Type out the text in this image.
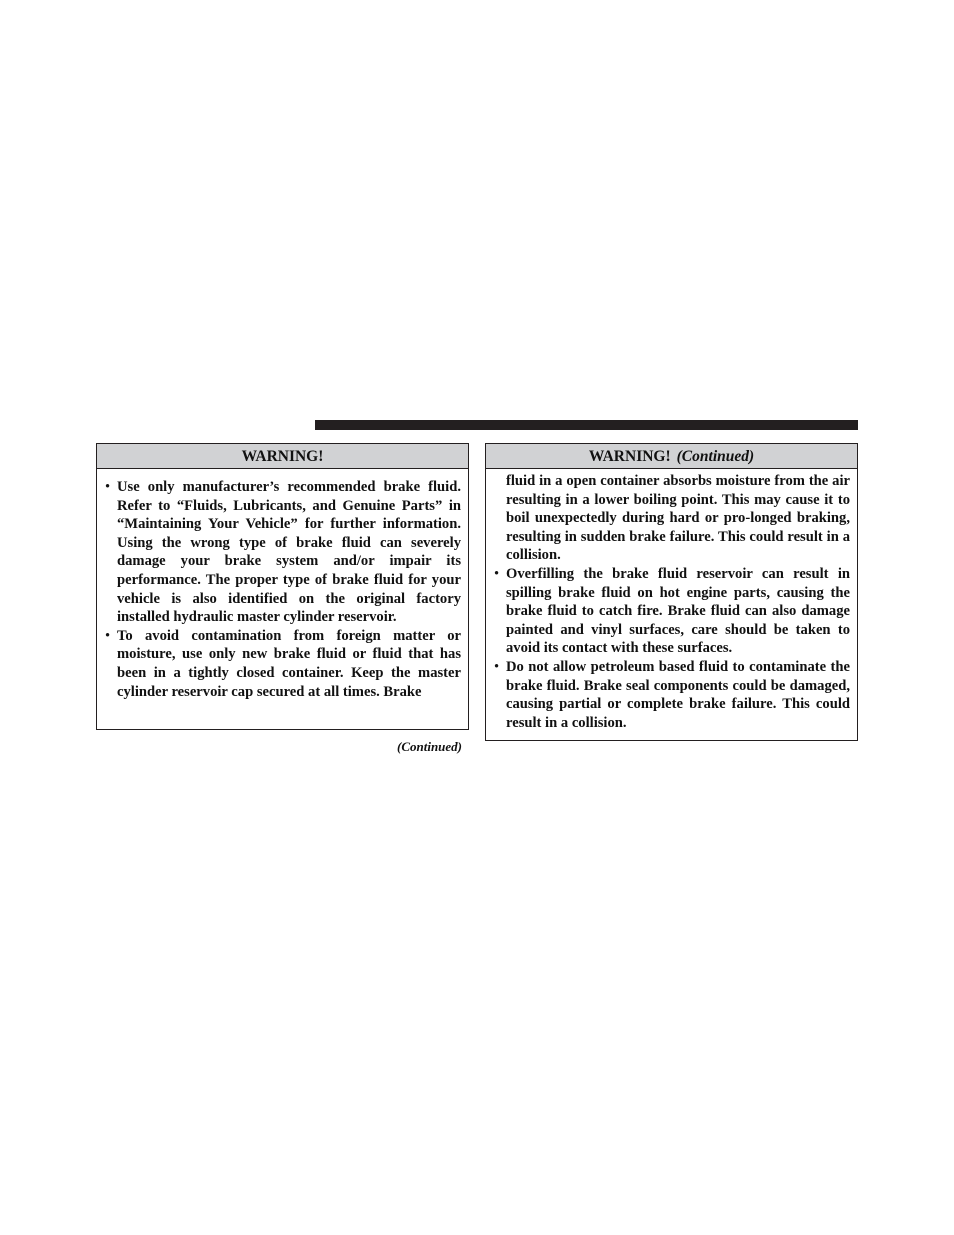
WARNING!
• Use only manufacturer’s recommended brake fluid. Refer to “Fluids, Lubricants, and Genuine Parts” in “Maintaining Your Vehicle” for further information. Using the wrong type of brake fluid can severely damage your brake system and/or impair its performance. The proper type of brake fluid for your vehicle is also identified on the original factory installed hydraulic master cylinder reservoir.
• To avoid contamination from foreign matter or moisture, use only new brake fluid or fluid that has been in a tightly closed container. Keep the master cylinder reservoir cap secured at all times. Brake
(Continued)
WARNING! (Continued)
fluid in a open container absorbs moisture from the air resulting in a lower boiling point. This may cause it to boil unexpectedly during hard or pro-longed braking, resulting in sudden brake failure. This could result in a collision.
• Overfilling the brake fluid reservoir can result in spilling brake fluid on hot engine parts, causing the brake fluid to catch fire. Brake fluid can also damage painted and vinyl surfaces, care should be taken to avoid its contact with these surfaces.
• Do not allow petroleum based fluid to contaminate the brake fluid. Brake seal components could be damaged, causing partial or complete brake failure. This could result in a collision.
